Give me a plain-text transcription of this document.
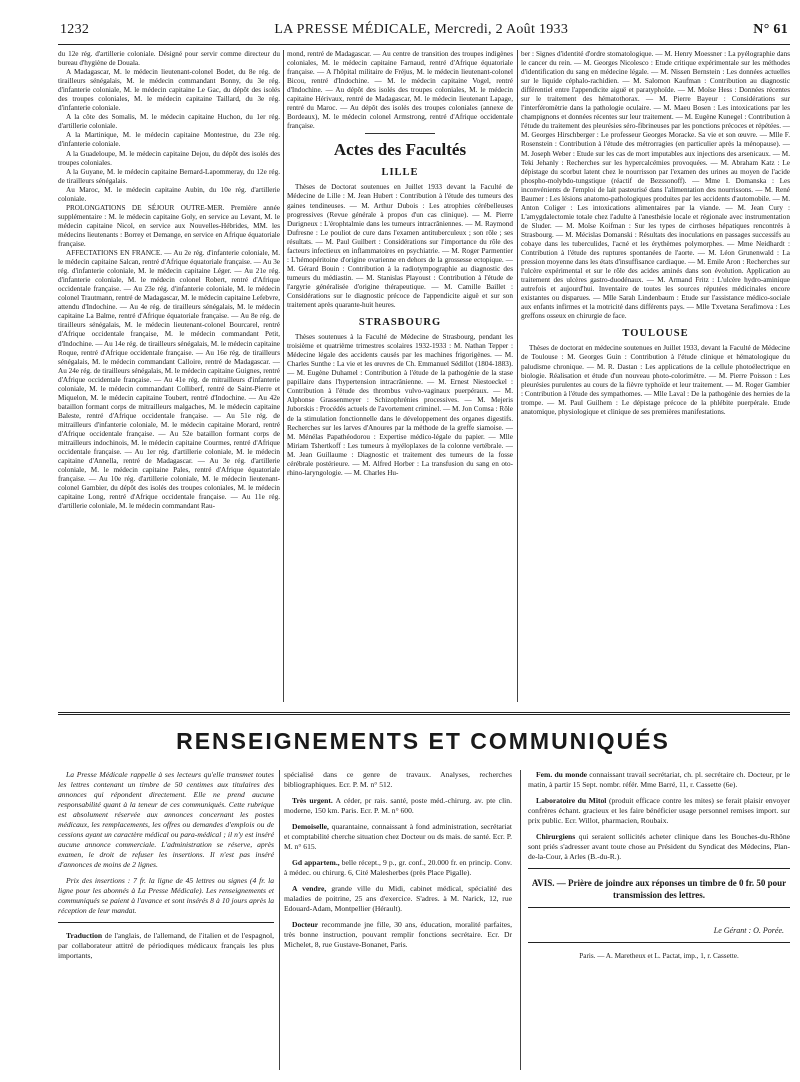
1232	LA PRESSE MÉDICALE, Mercredi, 2 Août 1933	N° 61

du 12e rég. d'artillerie coloniale. Désigné pour servir comme directeur du bureau d'hygiène de Douala.

A Madagascar, M. le médecin lieutenant-colonel Bodet, du 8e rég. de tirailleurs sénégalais, M. le médecin commandant Bonny, du 3e rég. d'infanterie coloniale, M. le médecin capitaine Le Gac, du dépôt des isolés des troupes coloniales, M. le médecin capitaine Taillard, du 3e rég. d'infanterie coloniale.

A la côte des Somalis, M. le médecin capitaine Huchon, du 1er rég. d'artillerie coloniale.

A la Martinique, M. le médecin capitaine Montestrue, du 23e rég. d'infanterie coloniale.

A la Guadeloupe, M. le médecin capitaine Dejou, du dépôt des isolés des troupes coloniales.

A la Guyane, M. le médecin capitaine Bernard-Lapommeray, du 12e rég. de tirailleurs sénégalais.

Au Maroc, M. le médecin capitaine Aubin, du 10e rég. d'artillerie coloniale.

PROLONGATIONS DE SÉJOUR OUTRE-MER. Première année supplémentaire : M. le médecin capitaine Goly, en service au Levant, M. le médecin capitaine Nicol, en service aux Nouvelles-Hébrides, MM. les médecins lieutenants : Borrey et Demange, en service en Afrique équatoriale française.

AFFECTATIONS EN FRANCE. — Au 2e rég. d'infanterie coloniale, M. le médecin capitaine Salcan, rentré d'Afrique équatoriale française. — Au 3e rég. d'infanterie coloniale, M. le médecin capitaine Léger. — Au 21e rég. d'infanterie coloniale, M. le médecin colonel Robert, rentré d'Afrique occidentale française. — Au 23e rég. d'infanterie coloniale, M. le médecin colonel Trautmann, rentré de Madagascar, M. le médecin capitaine Lefebvre, attendu d'Indochine. — Au 4e rég. de tirailleurs sénégalais, M. le médecin capitaine La Balme, rentré d'Afrique équatoriale française. — Au 8e rég. de tirailleurs sénégalais, M. le médecin lieutenant-colonel Bourcarel, rentré d'Afrique occidentale française, M. le médecin commandant Petit, d'Indochine. — Au 14e rég. de tirailleurs sénégalais, M. le médecin capitaine Roque, rentré d'Afrique occidentale française. — Au 16e rég. de tirailleurs sénégalais, M. le médecin commandant Calloire, rentré de Madagascar. — Au 24e rég. de tirailleurs sénégalais, M. le médecin capitaine Guignes, rentré d'Afrique occidentale française. — Au 41e rég. de mitrailleurs d'infanterie coloniale, M. le médecin commandant Colliberf, rentré de Saint-Pierre et Miquelon, M. le médecin capitaine Toubert, rentré d'Indochine. — Au 42e bataillon formant corps de mitrailleurs malgaches, M. le médecin capitaine Baleste, rentré d'Afrique occidentale française. — Au 51e rég. de mitrailleurs d'infanterie coloniale, M. le médecin capitaine Morard, rentré d'Afrique occidentale française. — Au 52e bataillon formant corps de mitrailleurs indochinois, M. le médecin capitaine Courmes, rentré d'Afrique occidentale française. — Au 1er rég. d'artillerie coloniale, M. le médecin capitaine d'Annella, rentré de Madagascar. — Au 3e rég. d'artillerie coloniale, M. le médecin capitaine Pales, rentré d'Afrique équatoriale française. — Au 10e rég. d'artillerie coloniale, M. le médecin lieutenant-colonel Gambier, du dépôt des isolés des troupes coloniales, M. le médecin capitaine Long, rentré d'Afrique occidentale française. — Au 11e rég. d'artillerie coloniale, M. le médecin commandant Rau-

mond, rentré de Madagascar. — Au centre de transition des troupes indigènes coloniales, M. le médecin capitaine Farnaud, rentré d'Afrique équatoriale française. — A l'hôpital militaire de Fréjus, M. le médecin lieutenant-colonel Bicou, rentré d'Indochine. — M. le médecin capitaine Vogel, rentré d'Indochine. — Au dépôt des isolés des troupes coloniales, M. le médecin capitaine Hérivaux, rentré de Madagascar, M. le médecin lieutenant Lapage, rentré du Maroc. — Au dépôt des isolés des troupes coloniales (annexe de Bordeaux), M. le médecin colonel Armstrong, rentré d'Afrique occidentale française.

Actes des Facultés
LILLE

Thèses de Doctorat soutenues en Juillet 1933 devant la Faculté de Médecine de Lille : M. Jean Hubert : Contribution à l'étude des tumeurs des gaines tendineuses. — M. Arthur Dubois : Les atrophies cérébelleuses progressives (Revue générale à propos d'un cas clinique). — M. Pierre Durigneux : L'érophtalmie dans les tumeurs intracrâniennes. — M. Raymond Dufresne : Le pouliot de cure dans l'examen antituberculeux ; son rôle ; ses résultats. — M. Paul Guilbert : Considérations sur l'importance du rôle des facteurs infectieux en inflammatoires en psychiatrie. — M. Roger Parmentier : L'hémopéritoine d'origine ovarienne en dehors de la grossesse ectopique. — M. Gérard Bouin : Contribution à la radiotympographie au diagnostic des tumeurs du médiastin. — M. Stanislas Playoust : Contribution à l'étude de l'argyrie généralisée d'origine thérapeutique. — M. Camille Baillet : Considérations sur le diagnostic précoce de l'appendicite aiguë et sur son traitement après quarante-huit heures.

STRASBOURG

Thèses soutenues à la Faculté de Médecine de Strasbourg, pendant les troisième et quatrième trimestres scolaires 1932-1933 : M. Nathan Tepper : Médecine légale des accidents causés par les machines frigorigènes. — M. Charles Sunthe : La vie et les œuvres de Ch. Emmanuel Sédillot (1804-1883). — M. Eugène Duhamel : Contribution à l'étude de la pathogénie de la stase papillaire dans l'hypertension intracrânienne. — M. Ernest Niestoeckel : Contribution à l'étude des thrombus vulvo-vaginaux puerpéraux. — M. Alphonse Grassenmeyer : Schizophrénies processives. — M. Mejeris Juborskis : Procédés actuels de l'avortement criminel. — M. Jon Comsa : Rôle de la stimulation fonctionnelle dans le développement des organes digestifs. Recherches sur les larves d'Anoures par la méthode de la greffe siamoise. — M. Ménélas Papathéodorou : Expertise médico-légale du papier. — Mlle Miriam Tshertkoff : Les tumeurs à myéloplaxes de la colonne vertébrale. — M. Jean Guillaume : Diagnostic et traitement des tumeurs de la fosse cérébrale postérieure. — M. Alfred Horber : La transfusion du sang en oto-rhino-laryngologie. — M. Charles Hu-

ber : Signes d'identité d'ordre stomatologique. — M. Henry Moessner : La pyélographie dans le cancer du rein. — M. Georges Nicolesco : Etude critique expérimentale sur les méthodes d'identification du sang en médecine légale. — M. Nissen Bernstein : Les données actuelles sur le liquide céphalo-rachidien. — M. Salomon Kaufman : Contribution au diagnostic différentiel entre l'appendicite aiguë et paratyphoïde. — M. Moïse Hess : Données récentes sur le traitement des hématothorax. — M. Pierre Bayeur : Considérations sur l'interféromètrie dans la pathologie oculaire. — M. Maeu Bosen : Les intoxications par les champignons et données récentes sur leur traitement. — M. Eugène Kunegel : Contribution à l'étude du traitement des pleurésies séro-fibrineuses par les ponctions précoces et répétées. — M. Georges Hirschberger : Le professeur Georges Moracke. Sa vie et son œuvre. — Mlle F. Rosenstein : Contribution à l'étude des métrorragies (en particulier après la ménopause). — M. Joseph Weber : Etude sur les cas de mort imputables aux injections des arsenicaux. — M. Teki Jehanly : Recherches sur les hypercalcémies provoquées. — M. Abraham Katz : Le dépistage du scorbut latent chez le nourrisson par l'examen des urines au moyen de l'acide phospho-molybdo-tungstique (réactif de Bezssonoff). — Mme I. Domanska : Les inconvénients de l'emploi de lait pasteurisé dans l'alimentation des nourrissons. — M. René Baumer : Les lésions anatomo-pathologiques produites par les accidents d'automobile. — M. Anton Coliger : Les intoxications alimentaires par la viande. — M. Jean Cury : L'amygdalectomie totale chez l'adulte à l'anesthésie locale et régionale avec instrumentation de Sluder. — M. Moïse Koifman : Sur les types de cirrhoses hépatiques rencontrés à Strasbourg. — M. Mécislas Domanski : Résultats des inoculations en passages successifs au cobaye dans les tuberculides, l'acné et les érythèmes polymorphes. — Mme Neidhardt : Contribution à l'étude des ruptures spontanées de l'aorte. — M. Léon Grunenwald : La pression moyenne dans les états d'insuffisance cardiaque. — M. Emile Aron : Recherches sur l'ulcère expérimental et sur le rôle des acides aminés dans son évolution. Application au traitement des ulcères gastro-duodénaux. — M. Armand Fritz : L'ulcère hydro-aminique autrefois et aujourd'hui. Inventaire de toutes les sources réputées médicinales encore existantes ou disparues. — Mlle Sarah Lindenbaum : Etude sur l'assistance médico-sociale aux enfants infirmes et la motricité dans différents pays. — Mlle Txvetana Serafimova : Les greffons osseux en chirurgie de face.

TOULOUSE

Thèses de doctorat en médecine soutenues en Juillet 1933, devant la Faculté de Médecine de Toulouse : M. Georges Guin : Contribution à l'étude clinique et hématologique du paludisme chronique. — M. R. Dastan : Les applications de la cellule photoélectrique en biologie. Réalisation et étude d'un nouveau photo-colorimètre. — M. Pierre Poisson : Les pleurésies purulentes au cours de la fièvre typhoïde et leur traitement. — M. Roger Gambier : Contribution à l'étude des sympathomes. — Mlle Laval : De la pathogénie des hernies de la trompe. — M. Paul Guilhem : Le dépistage précoce de la phlébite puerpérale. Etude anatomique, physiologique et clinique de ses premières manifestations.

RENSEIGNEMENTS ET COMMUNIQUÉS

La Presse Médicale rappelle à ses lecteurs qu'elle transmet toutes les lettres contenant un timbre de 50 centimes aux titulaires des annonces qui répondent directement. Elle ne prend aucune responsabilité quant à la teneur de ces communiqués. Cette rubrique est absolument réservée aux annonces concernant les postes médicaux, les remplacements, les offres ou demandes d'emplois ou de cessions ayant un caractère médical ou para-médical ; il n'y est inséré aucune annonce commerciale. L'administration se réserve, après examen, le droit de refuser les insertions. Il n'est pas inséré d'annonces de moins de 2 lignes.

Prix des insertions : 7 fr. la ligne de 45 lettres ou signes (4 fr. la ligne pour les abonnés à La Presse Médicale). Les renseignements et communiqués se paient à l'avance et sont insérés 8 à 10 jours après la réception de leur mandat.

Traduction de l'anglais, de l'allemand, de l'italien et de l'espagnol, par collaborateur attitré de périodiques médicaux français les plus importants,

spécialisé dans ce genre de travaux. Analyses, recherches bibliographiques. Ecr. P. M. n° 512.

Très urgent. A céder, pr rais. santé, poste méd.-chirurg. av. pte clin. moderne, 150 km. Paris. Ecr. P. M. n° 600.

Demoiselle, quarantaine, connaissant à fond administration, secrétariat et comptabilité cherche situation chez Docteur ou ds mais. de santé. Ecr. P. M. n° 615.

Gd appartem., belle récept., 9 p., gr. conf., 20.000 fr. en princip. Conv. à médec. ou chirurg. 6, Cité Malesherbes (près Place Pigalle).

A vendre, grande ville du Midi, cabinet médical, spécialité des maladies de poitrine, 25 ans d'exercice. S'adres. à M. Narick, 12, rue Edouard-Adam, Montpellier (Hérault).

Docteur recommande jne fille, 30 ans, éducation, moralité parfaites, très bonne instruction, pouvant remplir fonctions secrétaire. Ecr. Dr Michelet, 8, rue Gustave-Bonanet, Paris.

Fem. du monde connaissant travail secrétariat, ch. pl. secrétaire ch. Docteur, pr le matin, à partir 15 Sept. nombr. référ. Mme Barré, 11, r. Cassette (6e).

Laboratoire du Mitol (produit efficace contre les mites) se ferait plaisir envoyer confrères échant. gracieux et les faire bénéficier usage personnel remises import. sur prix public. Ecr. Willot, pharmacien, Roubaix.

Chirurgiens qui seraient sollicités acheter clinique dans les Bouches-du-Rhône sont priés s'adresser avant toute chose au Président du Syndicat des Médecins, Plan-de-la-Cour, à Arles (B.-du-R.).

AVIS. — Prière de joindre aux réponses un timbre de 0 fr. 50 pour transmission des lettres.
Le Gérant : O. Porée.
Paris. — A. Maretheux et L. Pactat, imp., 1, r. Cassette.
